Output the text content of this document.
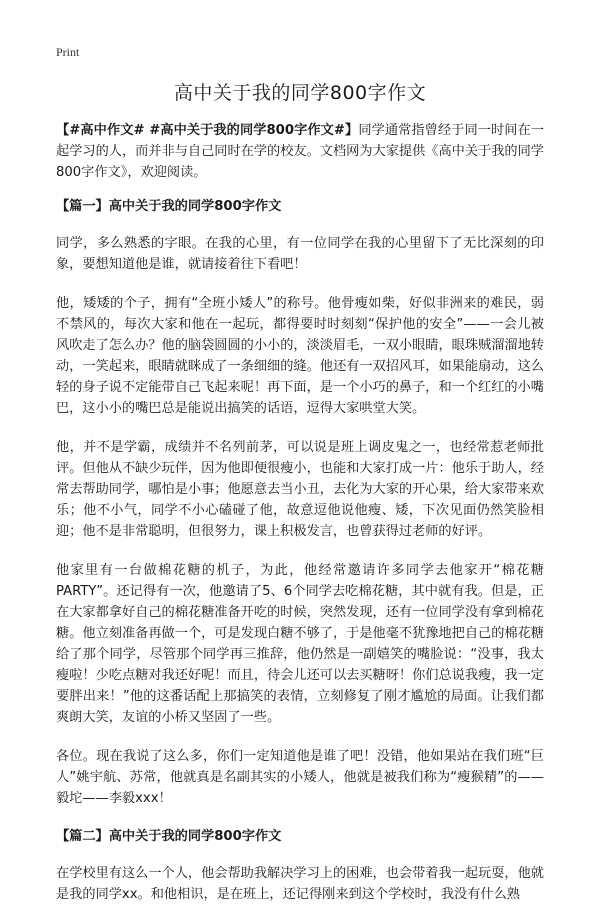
Print
高中关于我的同学800字作文

【#高中作文# #高中关于我的同学800字作文#】同学通常指曾经于同一时间在一起学习的人，而并非与自己同时在学的校友。文档网为大家提供《高中关于我的同学800字作文》，欢迎阅读。

【篇一】高中关于我的同学800字作文

同学，多么熟悉的字眼。在我的心里，有一位同学在我的心里留下了无比深刻的印象，要想知道他是谁，就请接着往下看吧！

他，矮矮的个子，拥有“全班小矮人”的称号。他骨瘦如柴，好似非洲来的难民，弱不禁风的，每次大家和他在一起玩，都得要时时刻刻“保护他的安全”——一会儿被风吹走了怎么办？他的脑袋圆圆的小小的，淡淡眉毛，一双小眼睛，眼珠贼溜溜地转动，一笑起来，眼睛就眯成了一条细细的缝。他还有一双招风耳，如果能扇动，这么轻的身子说不定能带自己飞起来呢！再下面，是一个小巧的鼻子，和一个红红的小嘴巴，这小小的嘴巴总是能说出搞笑的话语，逗得大家哄堂大笑。

他，并不是学霸，成绩并不名列前茅，可以说是班上调皮鬼之一，也经常惹老师批评。但他从不缺少玩伴，因为他即便很瘦小，也能和大家打成一片：他乐于助人，经常去帮助同学，哪怕是小事；他愿意去当小丑，去化为大家的开心果，给大家带来欢乐；他不小气，同学不小心磕碰了他，故意逗他说他瘦、矮，下次见面仍然笑脸相迎；他不是非常聪明，但很努力，课上积极发言，也曾获得过老师的好评。

他家里有一台做棉花糖的机子，为此，他经常邀请许多同学去他家开“棉花糖PARTY”。还记得有一次，他邀请了5、6个同学去吃棉花糖，其中就有我。但是，正在大家都拿好自己的棉花糖准备开吃的时候，突然发现，还有一位同学没有拿到棉花糖。他立刻准备再做一个，可是发现白糖不够了，于是他毫不犹豫地把自己的棉花糖给了那个同学，尽管那个同学再三推辞，他仍然是一副嬉笑的嘴脸说：“没事，我太瘦啦！少吃点糖对我还好呢！而且，待会儿还可以去买糖呀！你们总说我瘦，我一定要胖出来！”他的这番话配上那搞笑的表情，立刻修复了刚才尴尬的局面。让我们都爽朗大笑，友谊的小桥又坚固了一些。

各位。现在我说了这么多，你们一定知道他是谁了吧！没错，他如果站在我们班“巨人”姚宇航、苏常，他就真是名副其实的小矮人，他就是被我们称为“瘦猴精”的——毅坨——李毅xxx！

【篇二】高中关于我的同学800字作文

在学校里有这么一个人，他会帮助我解决学习上的困难，也会带着我一起玩耍，他就是我的同学xx。和他相识，是在班上，还记得刚来到这个学校时，我没有什么熟
